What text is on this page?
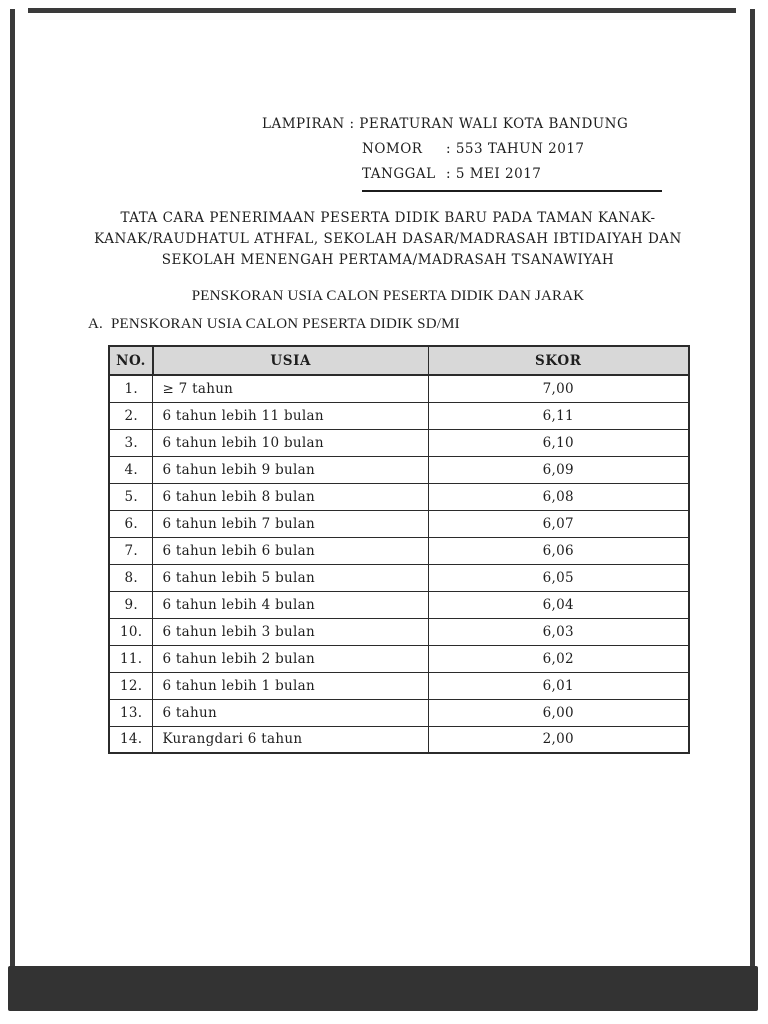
LAMPIRAN : PERATURAN WALI KOTA BANDUNG
NOMOR : 553 TAHUN 2017
TANGGAL : 5 MEI 2017
TATA CARA PENERIMAAN PESERTA DIDIK BARU PADA TAMAN KANAK-
KANAK/RAUDHATUL ATHFAL, SEKOLAH DASAR/MADRASAH IBTIDAIYAH DAN
SEKOLAH MENENGAH PERTAMA/MADRASAH TSANAWIYAH
PENSKORAN USIA CALON PESERTA DIDIK DAN JARAK
A. PENSKORAN USIA CALON PESERTA DIDIK SD/MI
NO.	USIA	SKOR
1.	≥ 7 tahun	7,00
2.	6 tahun lebih 11 bulan	6,11
3.	6 tahun lebih 10 bulan	6,10
4.	6 tahun lebih 9 bulan	6,09
5.	6 tahun lebih 8 bulan	6,08
6.	6 tahun lebih 7 bulan	6,07
7.	6 tahun lebih 6 bulan	6,06
8.	6 tahun lebih 5 bulan	6,05
9.	6 tahun lebih 4 bulan	6,04
10.	6 tahun lebih 3 bulan	6,03
11.	6 tahun lebih 2 bulan	6,02
12.	6 tahun lebih 1 bulan	6,01
13.	6 tahun	6,00
14.	Kurangdari 6 tahun	2,00
